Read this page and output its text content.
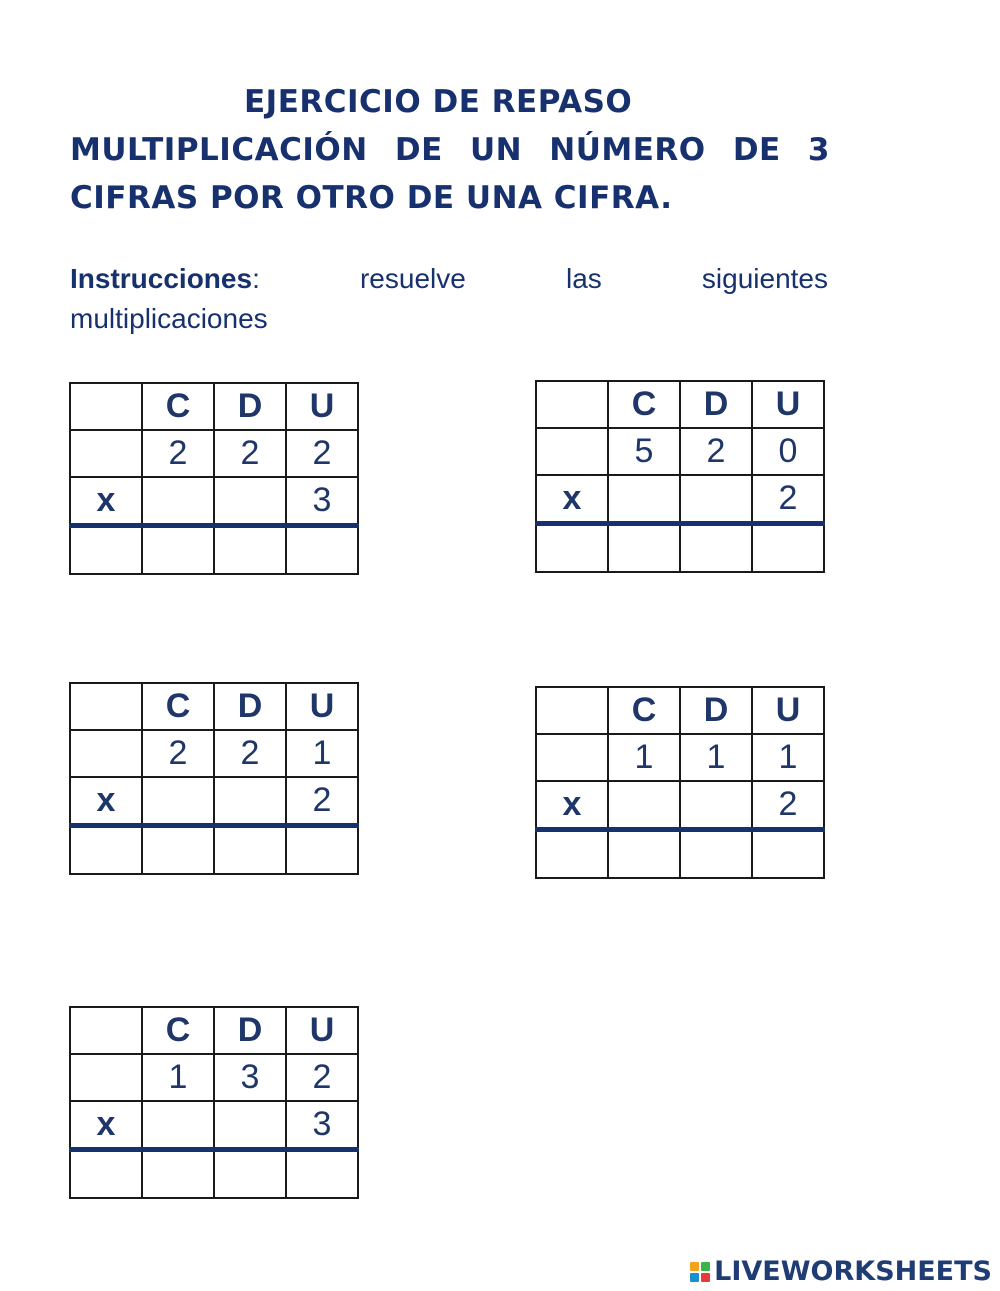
EJERCICIO DE REPASO
MULTIPLICACIÓN DE UN NÚMERO DE 3
CIFRAS POR OTRO DE UNA CIFRA.
Instrucciones:	resuelve	las	siguientes
multiplicaciones
	C	D	U
	2	2	2
x			3

	C	D	U
	5	2	0
x			2

	C	D	U
	2	2	1
x			2

	C	D	U
	1	1	1
x			2

	C	D	U
	1	3	2
x			3

LIVEWORKSHEETS
